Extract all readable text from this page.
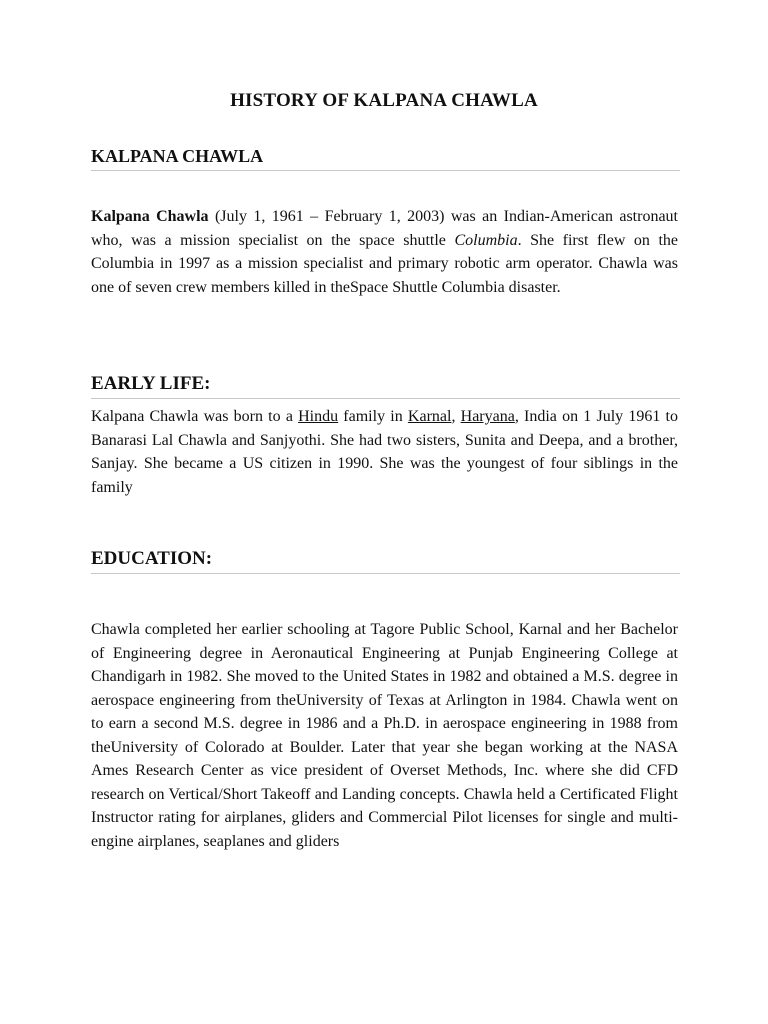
HISTORY OF KALPANA CHAWLA
KALPANA CHAWLA
Kalpana Chawla (July 1, 1961 – February 1, 2003) was an Indian-American astronaut who, was a mission specialist on the space shuttle Columbia. She first flew on the Columbia in 1997 as a mission specialist and primary robotic arm operator. Chawla was one of seven crew members killed in theSpace Shuttle Columbia disaster.
EARLY LIFE:
Kalpana Chawla was born to a Hindu family in Karnal, Haryana, India on 1 July 1961 to Banarasi Lal Chawla and Sanjyothi. She had two sisters, Sunita and Deepa, and a brother, Sanjay. She became a US citizen in 1990. She was the youngest of four siblings in the family
EDUCATION:
Chawla completed her earlier schooling at Tagore Public School, Karnal and her Bachelor of Engineering degree in Aeronautical Engineering at Punjab Engineering College at Chandigarh in 1982. She moved to the United States in 1982 and obtained a M.S. degree in aerospace engineering from theUniversity of Texas at Arlington in 1984. Chawla went on to earn a second M.S. degree in 1986 and a Ph.D. in aerospace engineering in 1988 from theUniversity of Colorado at Boulder. Later that year she began working at the NASA Ames Research Center as vice president of Overset Methods, Inc. where she did CFD research on Vertical/Short Takeoff and Landing concepts. Chawla held a Certificated Flight Instructor rating for airplanes, gliders and Commercial Pilot licenses for single and multi-engine airplanes, seaplanes and gliders
